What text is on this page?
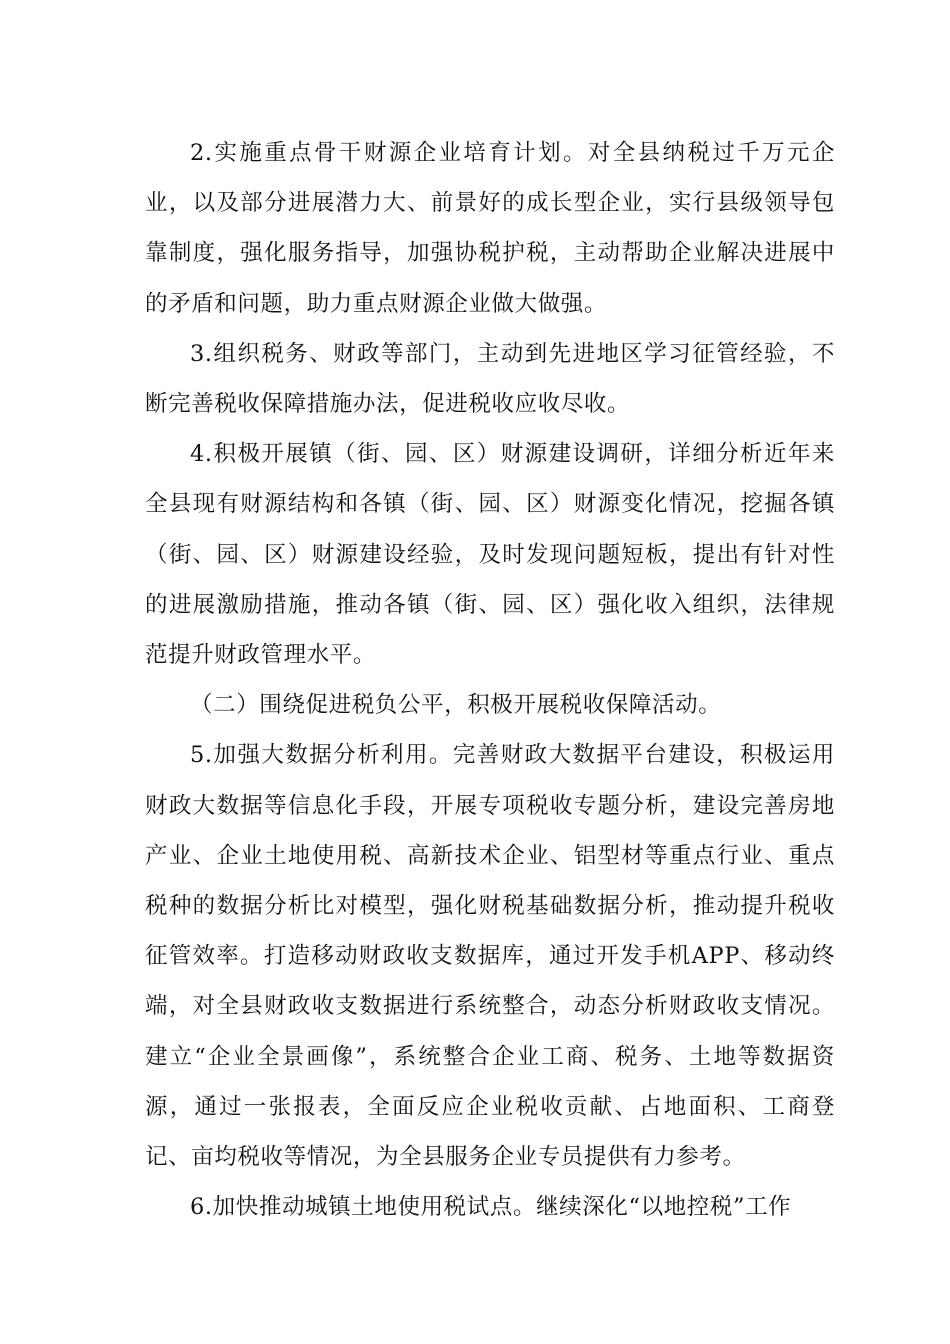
2.实施重点骨干财源企业培育计划。对全县纳税过千万元企业，以及部分进展潜力大、前景好的成长型企业，实行县级领导包靠制度，强化服务指导，加强协税护税，主动帮助企业解决进展中的矛盾和问题，助力重点财源企业做大做强。

3.组织税务、财政等部门，主动到先进地区学习征管经验，不断完善税收保障措施办法，促进税收应收尽收。

4.积极开展镇（街、园、区）财源建设调研，详细分析近年来全县现有财源结构和各镇（街、园、区）财源变化情况，挖掘各镇（街、园、区）财源建设经验，及时发现问题短板，提出有针对性的进展激励措施，推动各镇（街、园、区）强化收入组织，法律规范提升财政管理水平。

（二）围绕促进税负公平，积极开展税收保障活动。

5.加强大数据分析利用。完善财政大数据平台建设，积极运用财政大数据等信息化手段，开展专项税收专题分析，建设完善房地产业、企业土地使用税、高新技术企业、铝型材等重点行业、重点税种的数据分析比对模型，强化财税基础数据分析，推动提升税收征管效率。打造移动财政收支数据库，通过开发手机APP、移动终端，对全县财政收支数据进行系统整合，动态分析财政收支情况。建立“企业全景画像”，系统整合企业工商、税务、土地等数据资源，通过一张报表，全面反应企业税收贡献、占地面积、工商登记、亩均税收等情况，为全县服务企业专员提供有力参考。

6.加快推动城镇土地使用税试点。继续深化“以地控税”工作
